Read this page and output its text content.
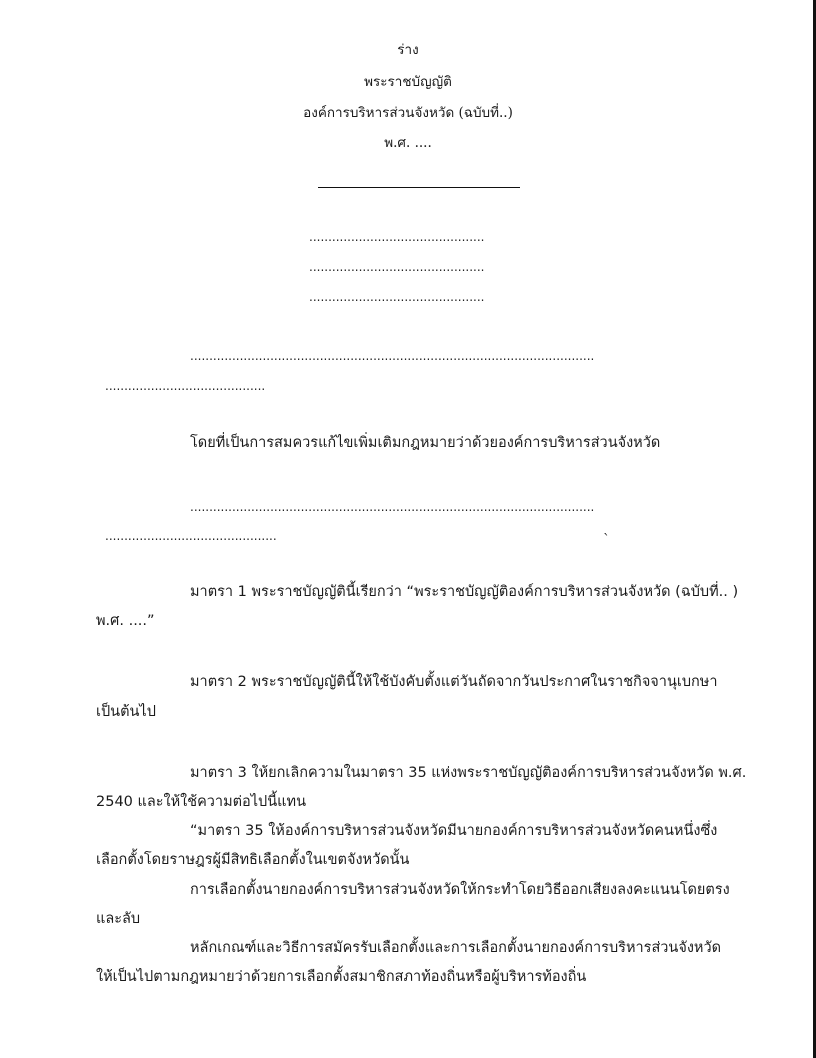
ร่าง
พระราชบัญญัติ
องค์การบริหารส่วนจังหวัด (ฉบับที่..)
พ.ศ. ....
..............................................
..............................................
..............................................
..........................................................................................................
..........................................
โดยที่เป็นการสมควรแก้ไขเพิ่มเติมกฎหมายว่าด้วยองค์การบริหารส่วนจังหวัด
..........................................................................................................
.............................................	`
มาตรา 1 พระราชบัญญัตินี้เรียกว่า “พระราชบัญญัติองค์การบริหารส่วนจังหวัด (ฉบับที่.. )
พ.ศ. ....”
มาตรา 2 พระราชบัญญัตินี้ให้ใช้บังคับตั้งแต่วันถัดจากวันประกาศในราชกิจจานุเบกษา
เป็นต้นไป
มาตรา 3 ให้ยกเลิกความในมาตรา 35 แห่งพระราชบัญญัติองค์การบริหารส่วนจังหวัด พ.ศ.
2540 และให้ใช้ความต่อไปนี้แทน
“มาตรา 35 ให้องค์การบริหารส่วนจังหวัดมีนายกองค์การบริหารส่วนจังหวัดคนหนึ่งซึ่ง
เลือกตั้งโดยราษฎรผู้มีสิทธิเลือกตั้งในเขตจังหวัดนั้น
การเลือกตั้งนายกองค์การบริหารส่วนจังหวัดให้กระทำโดยวิธีออกเสียงลงคะแนนโดยตรง
และลับ
หลักเกณฑ์และวิธีการสมัครรับเลือกตั้งและการเลือกตั้งนายกองค์การบริหารส่วนจังหวัด
ให้เป็นไปตามกฎหมายว่าด้วยการเลือกตั้งสมาชิกสภาท้องถิ่นหรือผู้บริหารท้องถิ่น
